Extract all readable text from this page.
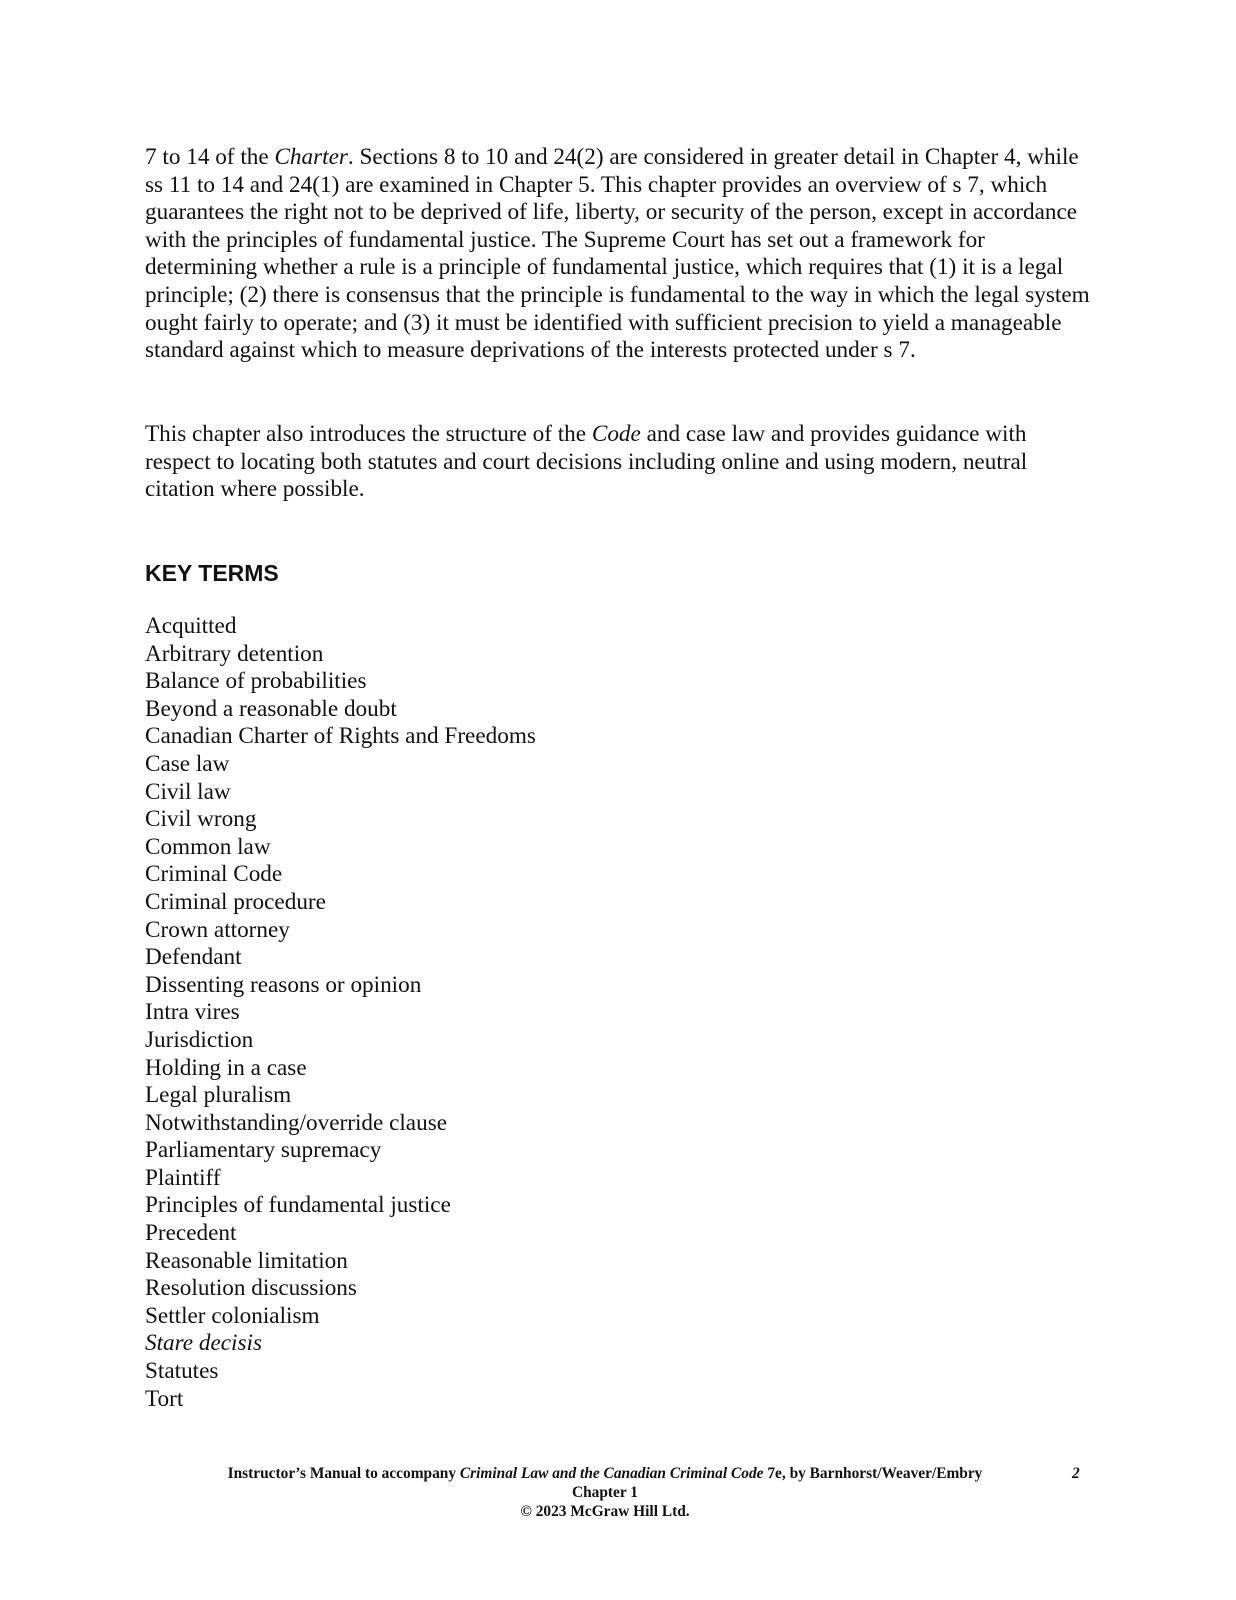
7 to 14 of the Charter. Sections 8 to 10 and 24(2) are considered in greater detail in Chapter 4, while ss 11 to 14 and 24(1) are examined in Chapter 5. This chapter provides an overview of s 7, which guarantees the right not to be deprived of life, liberty, or security of the person, except in accordance with the principles of fundamental justice. The Supreme Court has set out a framework for determining whether a rule is a principle of fundamental justice, which requires that (1) it is a legal principle; (2) there is consensus that the principle is fundamental to the way in which the legal system ought fairly to operate; and (3) it must be identified with sufficient precision to yield a manageable standard against which to measure deprivations of the interests protected under s 7.

This chapter also introduces the structure of the Code and case law and provides guidance with respect to locating both statutes and court decisions including online and using modern, neutral citation where possible.

KEY TERMS
Acquitted
Arbitrary detention
Balance of probabilities
Beyond a reasonable doubt
Canadian Charter of Rights and Freedoms
Case law
Civil law
Civil wrong
Common law
Criminal Code
Criminal procedure
Crown attorney
Defendant
Dissenting reasons or opinion
Intra vires
Jurisdiction
Holding in a case
Legal pluralism
Notwithstanding/override clause
Parliamentary supremacy
Plaintiff
Principles of fundamental justice
Precedent
Reasonable limitation
Resolution discussions
Settler colonialism
Stare decisis
Statutes
Tort
Instructor’s Manual to accompany Criminal Law and the Canadian Criminal Code 7e, by Barnhorst/Weaver/Embry
Chapter 1
© 2023 McGraw Hill Ltd.
2
